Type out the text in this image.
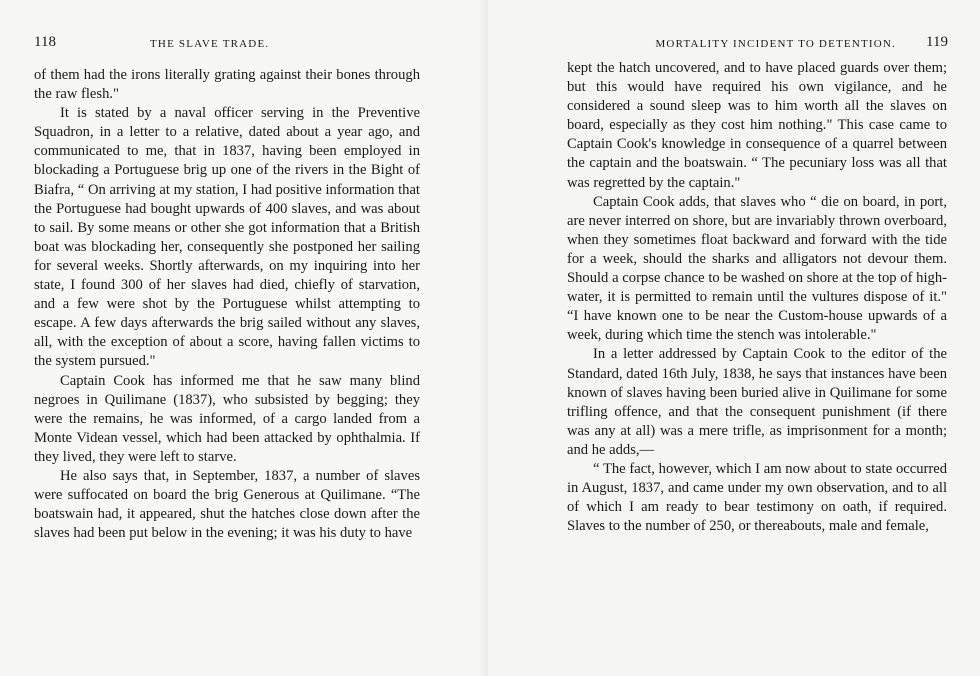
118	THE SLAVE TRADE.

of them had the irons literally grating against their bones through the raw flesh."

It is stated by a naval officer serving in the Preventive Squadron, in a letter to a relative, dated about a year ago, and communicated to me, that in 1837, having been employed in blockading a Portuguese brig up one of the rivers in the Bight of Biafra, “ On arriving at my station, I had positive information that the Portuguese had bought upwards of 400 slaves, and was about to sail. By some means or other she got information that a British boat was blockading her, consequently she postponed her sailing for several weeks. Shortly afterwards, on my inquiring into her state, I found 300 of her slaves had died, chiefly of starvation, and a few were shot by the Portuguese whilst attempting to escape. A few days afterwards the brig sailed without any slaves, all, with the exception of about a score, having fallen victims to the system pursued."

Captain Cook has informed me that he saw many blind negroes in Quilimane (1837), who subsisted by begging; they were the remains, he was informed, of a cargo landed from a Monte Videan vessel, which had been attacked by ophthalmia. If they lived, they were left to starve.

He also says that, in September, 1837, a number of slaves were suffocated on board the brig Generous at Quilimane. “The boatswain had, it appeared, shut the hatches close down after the slaves had been put below in the evening; it was his duty to have

MORTALITY INCIDENT TO DETENTION. 119

kept the hatch uncovered, and to have placed guards over them; but this would have required his own vigilance, and he considered a sound sleep was to him worth all the slaves on board, especially as they cost him nothing." This case came to Captain Cook's knowledge in consequence of a quarrel between the captain and the boatswain. “ The pecuniary loss was all that was regretted by the captain."

Captain Cook adds, that slaves who “ die on board, in port, are never interred on shore, but are invariably thrown overboard, when they sometimes float backward and forward with the tide for a week, should the sharks and alligators not devour them. Should a corpse chance to be washed on shore at the top of high-water, it is permitted to remain until the vultures dispose of it." “I have known one to be near the Custom-house upwards of a week, during which time the stench was intolerable."

In a letter addressed by Captain Cook to the editor of the Standard, dated 16th July, 1838, he says that instances have been known of slaves having been buried alive in Quilimane for some trifling offence, and that the consequent punishment (if there was any at all) was a mere trifle, as imprisonment for a month; and he adds,—

“ The fact, however, which I am now about to state occurred in August, 1837, and came under my own observation, and to all of which I am ready to bear testimony on oath, if required. Slaves to the number of 250, or thereabouts, male and female,
